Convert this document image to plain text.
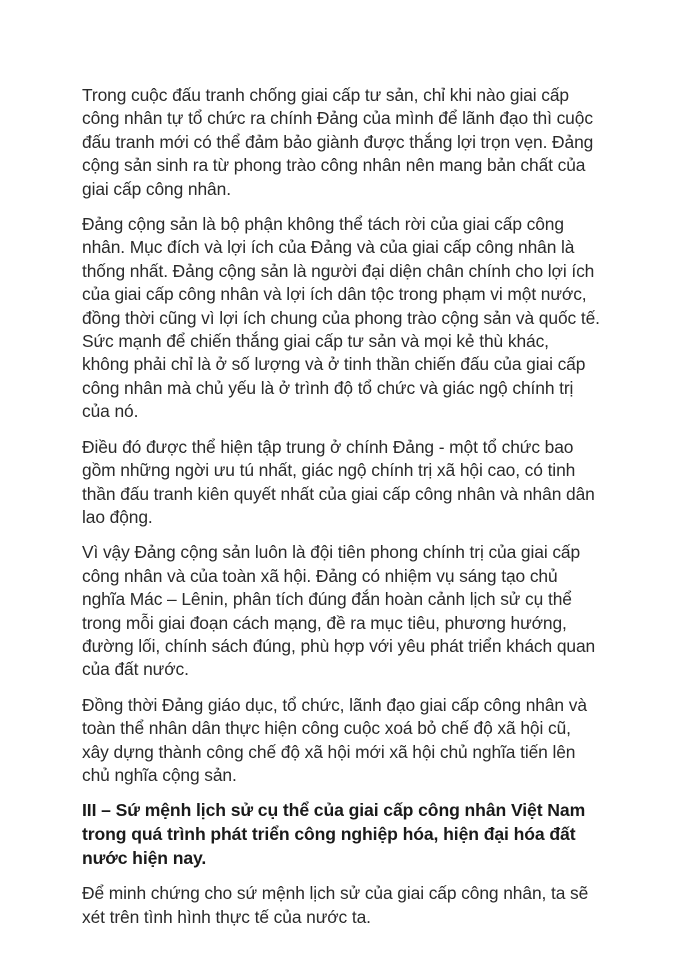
Trong cuộc đấu tranh chống giai cấp tư sản, chỉ khi nào giai cấp công nhân tự tổ chức ra chính Đảng của mình để lãnh đạo thì cuộc đấu tranh mới có thể đảm bảo giành được thắng lợi trọn vẹn. Đảng cộng sản sinh ra từ phong trào công nhân nên mang bản chất của giai cấp công nhân.

Đảng cộng sản là bộ phận không thể tách rời của giai cấp công nhân. Mục đích và lợi ích của Đảng và của giai cấp công nhân là thống nhất. Đảng cộng sản là người đại diện chân chính cho lợi ích của giai cấp công nhân và lợi ích dân tộc trong phạm vi một nước, đồng thời cũng vì lợi ích chung của phong trào cộng sản và quốc tế. Sức mạnh để chiến thắng giai cấp tư sản và mọi kẻ thù khác, không phải chỉ là ở số lượng và ở tinh thần chiến đấu của giai cấp công nhân mà chủ yếu là ở trình độ tổ chức và giác ngộ chính trị của nó.

Điều đó được thể hiện tập trung ở chính Đảng - một tổ chức bao gồm những ngời ưu tú nhất, giác ngộ chính trị xã hội cao, có tinh thần đấu tranh kiên quyết nhất của giai cấp công nhân và nhân dân lao động.

Vì vậy Đảng cộng sản luôn là đội tiên phong chính trị của giai cấp công nhân và của toàn xã hội. Đảng có nhiệm vụ sáng tạo chủ nghĩa Mác – Lênin, phân tích đúng đắn hoàn cảnh lịch sử cụ thể trong mỗi giai đoạn cách mạng, đề ra mục tiêu, phương hướng, đường lối, chính sách đúng, phù hợp với yêu phát triển khách quan của đất nước.

Đồng thời Đảng giáo dục, tổ chức, lãnh đạo giai cấp công nhân và toàn thể nhân dân thực hiện công cuộc xoá bỏ chế độ xã hội cũ, xây dựng thành công chế độ xã hội mới xã hội chủ nghĩa tiến lên chủ nghĩa cộng sản.

III – Sứ mệnh lịch sử cụ thể của giai cấp công nhân Việt Nam trong quá trình phát triển công nghiệp hóa, hiện đại hóa đất nước hiện nay.

Để minh chứng cho sứ mệnh lịch sử của giai cấp công nhân, ta sẽ xét trên tình hình thực tế của nước ta.
